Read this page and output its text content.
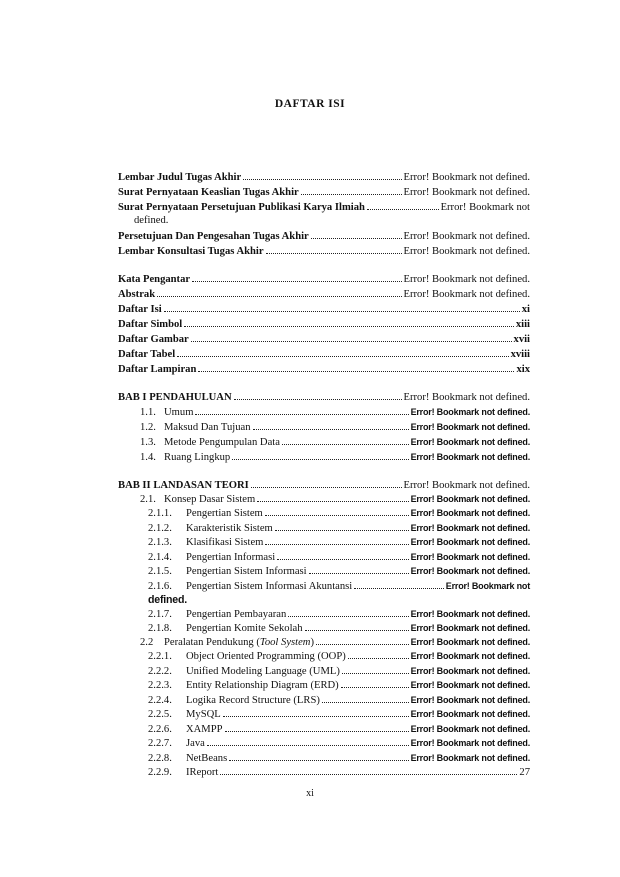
DAFTAR ISI
Lembar Judul Tugas Akhir	Error! Bookmark not defined.
Surat Pernyataan Keaslian Tugas Akhir	Error! Bookmark not defined.
Surat Pernyataan Persetujuan Publikasi Karya Ilmiah	Error! Bookmark not
defined.
Persetujuan Dan Pengesahan Tugas Akhir	Error! Bookmark not defined.
Lembar Konsultasi Tugas Akhir	Error! Bookmark not defined.
Kata Pengantar	Error! Bookmark not defined.
Abstrak	Error! Bookmark not defined.
Daftar Isi	xi
Daftar Simbol	xiii
Daftar Gambar	xvii
Daftar Tabel	xviii
Daftar Lampiran	xix
BAB I PENDAHULUAN	Error! Bookmark not defined.
1.1. Umum	Error! Bookmark not defined.
1.2. Maksud Dan Tujuan	Error! Bookmark not defined.
1.3. Metode Pengumpulan Data	Error! Bookmark not defined.
1.4. Ruang Lingkup	Error! Bookmark not defined.
BAB II LANDASAN TEORI	Error! Bookmark not defined.
2.1. Konsep Dasar Sistem	Error! Bookmark not defined.
2.1.1.	Pengertian Sistem	Error! Bookmark not defined.
2.1.2.	Karakteristik Sistem	Error! Bookmark not defined.
2.1.3.	Klasifikasi Sistem	Error! Bookmark not defined.
2.1.4.	Pengertian Informasi	Error! Bookmark not defined.
2.1.5.	Pengertian Sistem Informasi	Error! Bookmark not defined.
2.1.6.	Pengertian Sistem Informasi Akuntansi	Error! Bookmark not
defined.
2.1.7.	Pengertian Pembayaran	Error! Bookmark not defined.
2.1.8.	Pengertian Komite Sekolah	Error! Bookmark not defined.
2.2	Peralatan Pendukung (Tool System)	Error! Bookmark not defined.
2.2.1.	Object Oriented Programming (OOP)	Error! Bookmark not defined.
2.2.2.	Unified Modeling Language (UML)	Error! Bookmark not defined.
2.2.3.	Entity Relationship Diagram (ERD)	Error! Bookmark not defined.
2.2.4.	Logika Record Structure (LRS)	Error! Bookmark not defined.
2.2.5.	MySQL	Error! Bookmark not defined.
2.2.6.	XAMPP	Error! Bookmark not defined.
2.2.7.	Java	Error! Bookmark not defined.
2.2.8.	NetBeans	Error! Bookmark not defined.
2.2.9.	IReport	27
xi
